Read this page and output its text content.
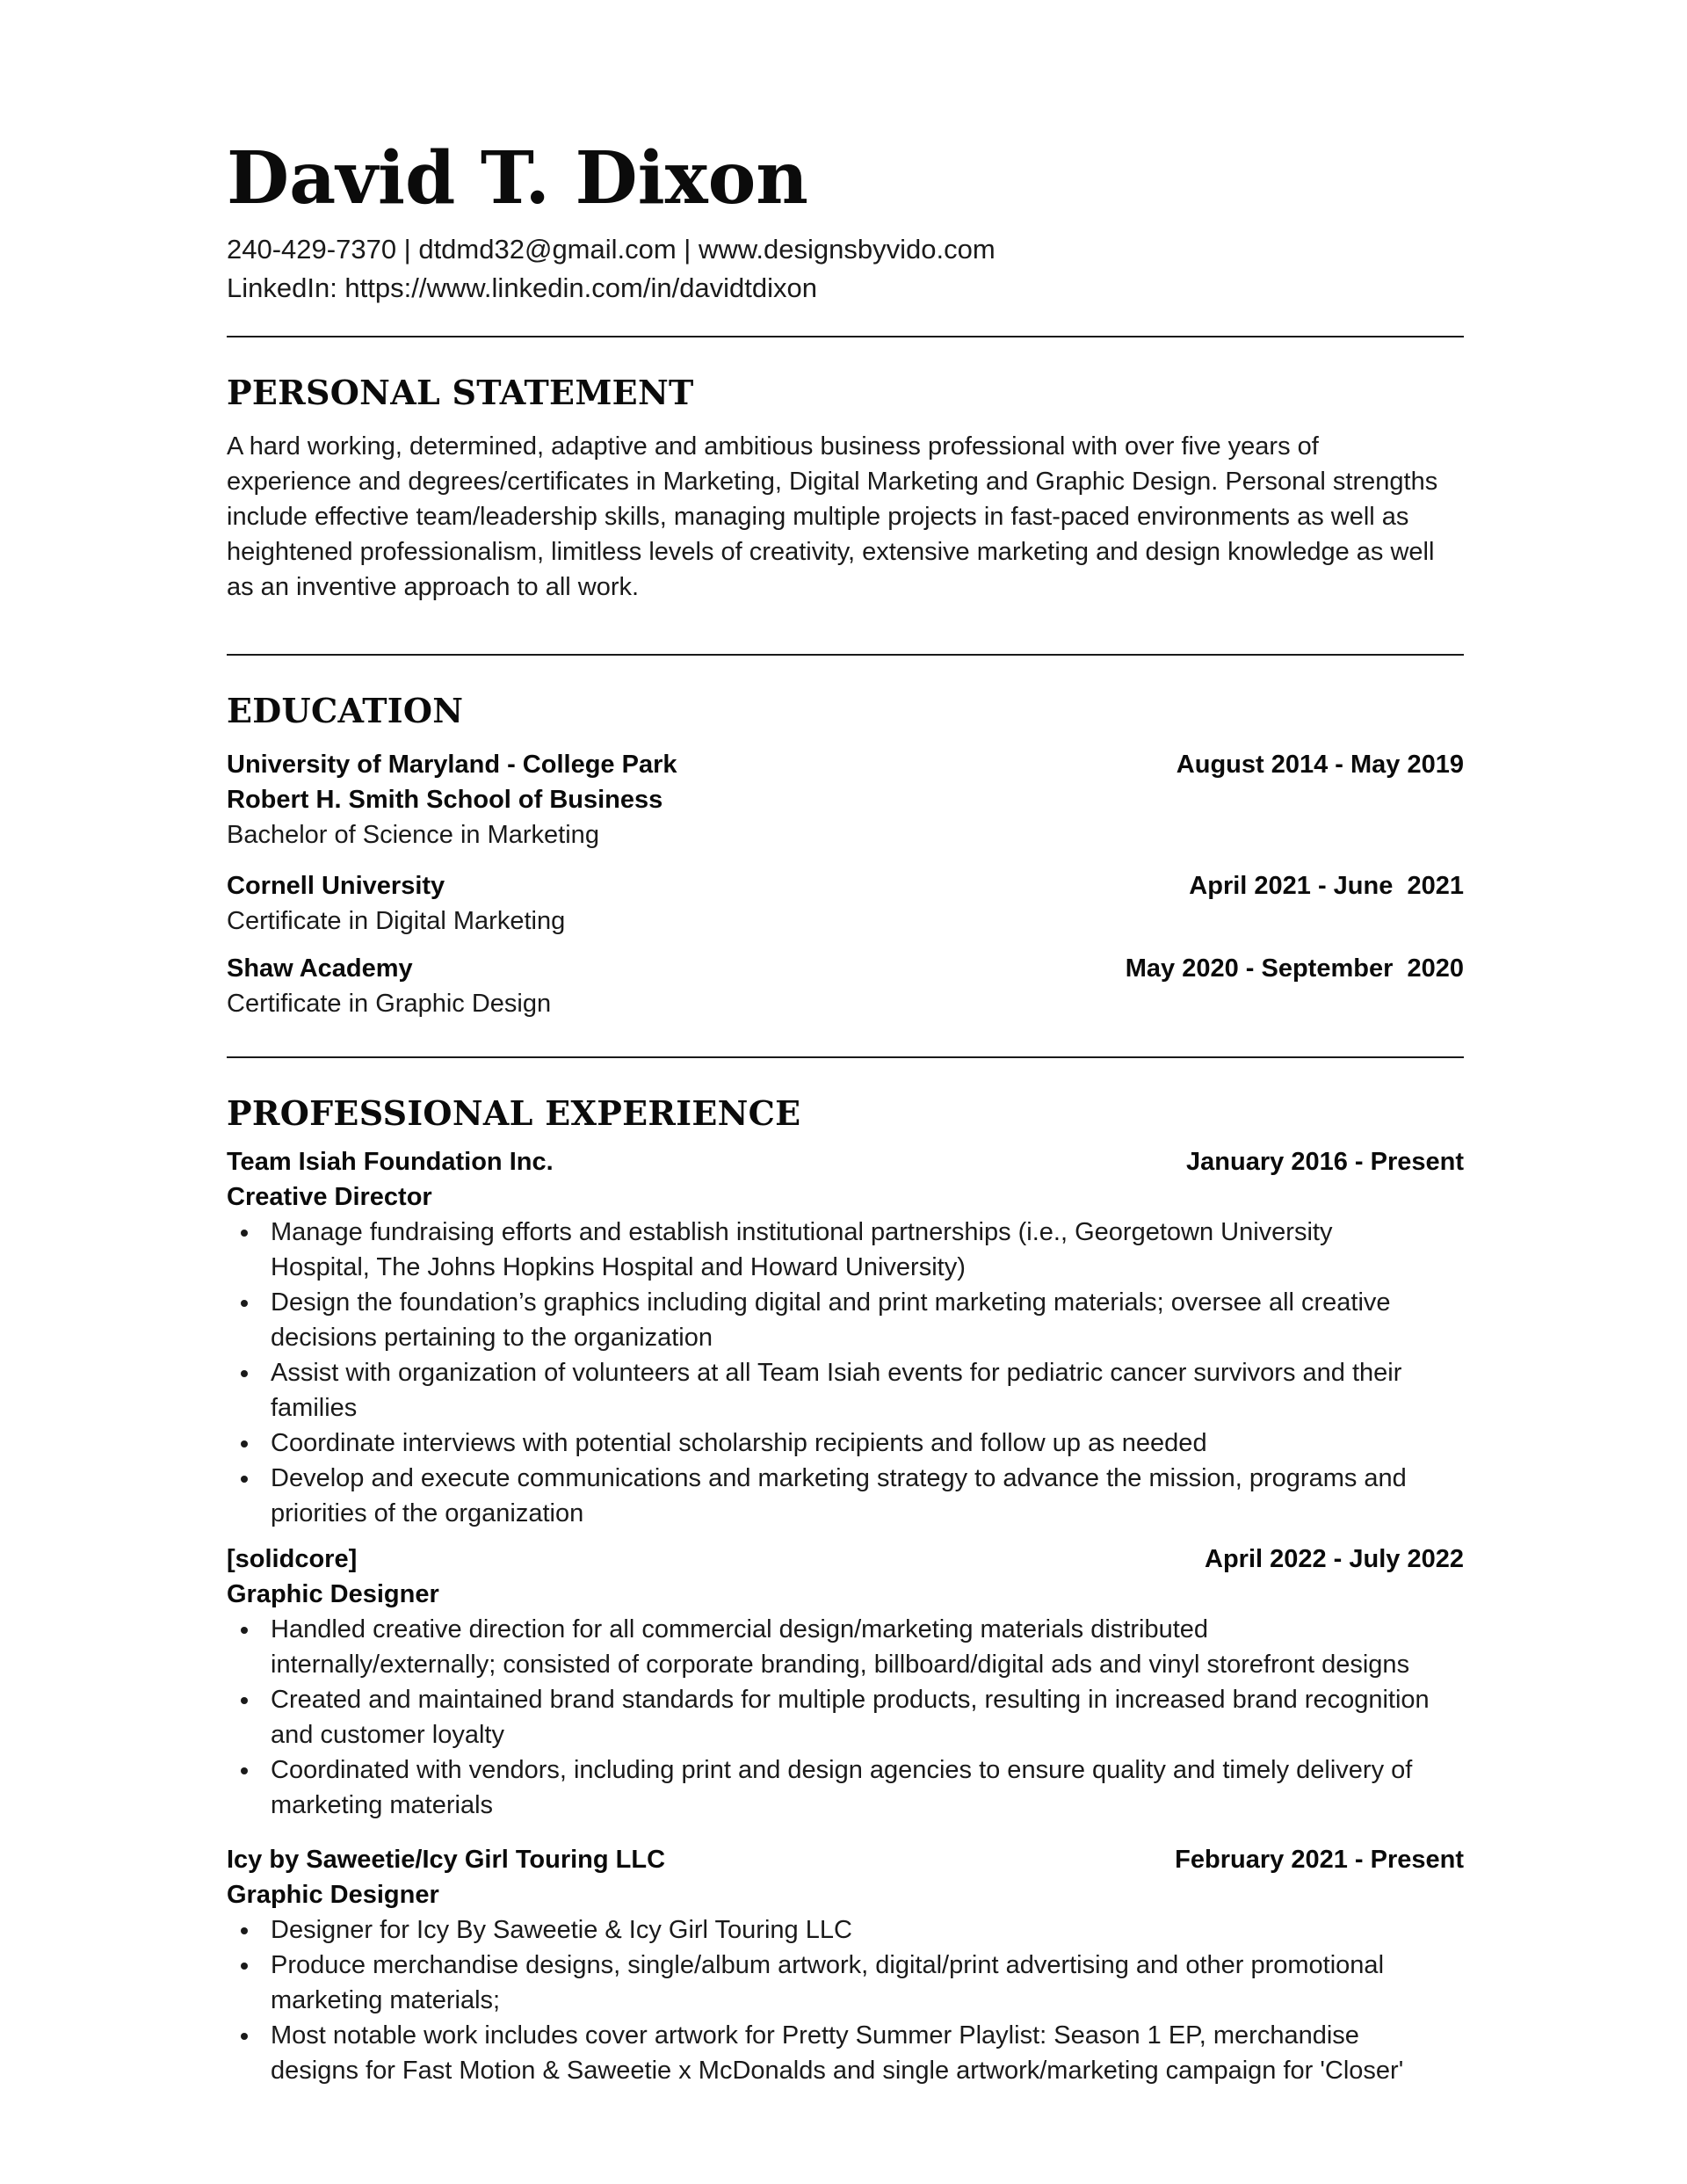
David T. Dixon
240-429-7370 | dtdmd32@gmail.com | www.designsbyvido.com
LinkedIn: https://www.linkedin.com/in/davidtdixon
PERSONAL STATEMENT
A hard working, determined, adaptive and ambitious business professional with over five years of
experience and degrees/certificates in Marketing, Digital Marketing and Graphic Design. Personal strengths
include effective team/leadership skills, managing multiple projects in fast-paced environments as well as
heightened professionalism, limitless levels of creativity, extensive marketing and design knowledge as well
as an inventive approach to all work.
EDUCATION
University of Maryland - College Park	August 2014 - May 2019
Robert H. Smith School of Business
Bachelor of Science in Marketing
Cornell University	April 2021 - June  2021
Certificate in Digital Marketing
Shaw Academy	May 2020 - September  2020
Certificate in Graphic Design
PROFESSIONAL EXPERIENCE
Team Isiah Foundation Inc.	January 2016 - Present
Creative Director
Manage fundraising efforts and establish institutional partnerships (i.e., Georgetown University
Hospital, The Johns Hopkins Hospital and Howard University)
Design the foundation’s graphics including digital and print marketing materials; oversee all creative
decisions pertaining to the organization
Assist with organization of volunteers at all Team Isiah events for pediatric cancer survivors and their
families
Coordinate interviews with potential scholarship recipients and follow up as needed
Develop and execute communications and marketing strategy to advance the mission, programs and
priorities of the organization
[solidcore]	April 2022 - July 2022
Graphic Designer
Handled creative direction for all commercial design/marketing materials distributed
internally/externally; consisted of corporate branding, billboard/digital ads and vinyl storefront designs
Created and maintained brand standards for multiple products, resulting in increased brand recognition
and customer loyalty
Coordinated with vendors, including print and design agencies to ensure quality and timely delivery of
marketing materials
Icy by Saweetie/Icy Girl Touring LLC	February 2021 - Present
Graphic Designer
Designer for Icy By Saweetie & Icy Girl Touring LLC
Produce merchandise designs, single/album artwork, digital/print advertising and other promotional
marketing materials;
Most notable work includes cover artwork for Pretty Summer Playlist: Season 1 EP, merchandise
designs for Fast Motion & Saweetie x McDonalds and single artwork/marketing campaign for 'Closer'
